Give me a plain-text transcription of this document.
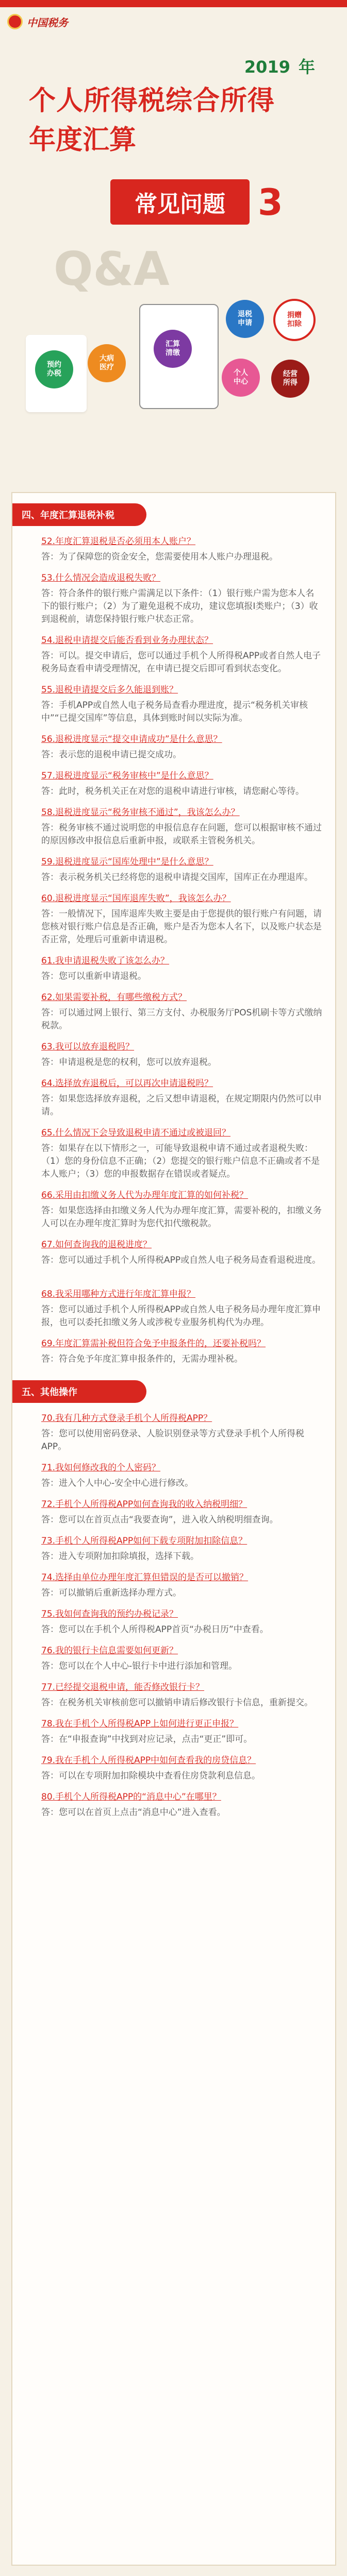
中国税务
2019 年
个人所得税综合所得
年度汇算
常见问题 3
Q&A
预约
办税
大病
医疗
汇算
清缴
退税
申请
捐赠
扣除
个人
中心
经营
所得
四、年度汇算退税补税
52.年度汇算退税是否必须用本人账户？
答：为了保障您的资金安全，您需要使用本人账户办理退税。
53.什么情况会造成退税失败？
答：符合条件的银行账户需满足以下条件：（1）银行账户需为您本人名下的银行账户；（2）为了避免退税不成功，建议您填报I类账户；（3）收到退税前，请您保持银行账户状态正常。
54.退税申请提交后能否看到业务办理状态？
答：可以。提交申请后，您可以通过手机个人所得税APP或者自然人电子税务局查看申请受理情况，在申请已提交后即可看到状态变化。
55.退税申请提交后多久能退到账？
答：手机APP或自然人电子税务局查看办理进度，提示“税务机关审核中”“已提交国库”等信息，具体到账时间以实际为准。
56.退税进度显示“提交申请成功”是什么意思？
答：表示您的退税申请已提交成功。
57.退税进度显示“税务审核中”是什么意思？
答：此时，税务机关正在对您的退税申请进行审核，请您耐心等待。
58.退税进度显示“税务审核不通过”，我该怎么办？
答：税务审核不通过说明您的申报信息存在问题，您可以根据审核不通过的原因修改申报信息后重新申报，或联系主管税务机关。
59.退税进度显示“国库处理中”是什么意思？
答：表示税务机关已经将您的退税申请提交国库，国库正在办理退库。
60.退税进度显示“国库退库失败”，我该怎么办？
答：一般情况下，国库退库失败主要是由于您提供的银行账户有问题，请您核对银行账户信息是否正确，账户是否为您本人名下，以及账户状态是否正常，处理后可重新申请退税。
61.我申请退税失败了该怎么办？
答：您可以重新申请退税。
62.如果需要补税，有哪些缴税方式？
答：可以通过网上银行、第三方支付、办税服务厅POS机刷卡等方式缴纳税款。
63.我可以放弃退税吗？
答：申请退税是您的权利，您可以放弃退税。
64.选择放弃退税后，可以再次申请退税吗？
答：如果您选择放弃退税，之后又想申请退税，在规定期限内仍然可以申请。
65.什么情况下会导致退税申请不通过或被退回？
答：如果存在以下情形之一，可能导致退税申请不通过或者退税失败：（1）您的身份信息不正确；（2）您提交的银行账户信息不正确或者不是本人账户；（3）您的申报数据存在错误或者疑点。
66.采用由扣缴义务人代为办理年度汇算的如何补税？
答：如果您选择由扣缴义务人代为办理年度汇算，需要补税的，扣缴义务人可以在办理年度汇算时为您代扣代缴税款。
67.如何查询我的退税进度？
答：您可以通过手机个人所得税APP或自然人电子税务局查看退税进度。
68.我采用哪种方式进行年度汇算申报？
答：您可以通过手机个人所得税APP或自然人电子税务局办理年度汇算申报，也可以委托扣缴义务人或涉税专业服务机构代为办理。
69.年度汇算需补税但符合免予申报条件的，还要补税吗？
答：符合免予年度汇算申报条件的，无需办理补税。
五、其他操作
70.我有几种方式登录手机个人所得税APP？
答：您可以使用密码登录、人脸识别登录等方式登录手机个人所得税APP。
71.我如何修改我的个人密码？
答：进入个人中心-安全中心进行修改。
72.手机个人所得税APP如何查询我的收入纳税明细？
答：您可以在首页点击“我要查询”，进入收入纳税明细查询。
73.手机个人所得税APP如何下载专项附加扣除信息？
答：进入专项附加扣除填报，选择下载。
74.选择由单位办理年度汇算但错误的是否可以撤销？
答：可以撤销后重新选择办理方式。
75.我如何查询我的预约办税记录？
答：您可以在手机个人所得税APP首页“办税日历”中查看。
76.我的银行卡信息需要如何更新？
答：您可以在个人中心-银行卡中进行添加和管理。
77.已经提交退税申请，能否修改银行卡？
答：在税务机关审核前您可以撤销申请后修改银行卡信息，重新提交。
78.我在手机个人所得税APP上如何进行更正申报？
答：在“申报查询”中找到对应记录，点击“更正”即可。
79.我在手机个人所得税APP中如何查看我的房贷信息？
答：可以在专项附加扣除模块中查看住房贷款利息信息。
80.手机个人所得税APP的“消息中心”在哪里？
答：您可以在首页上点击“消息中心”进入查看。
